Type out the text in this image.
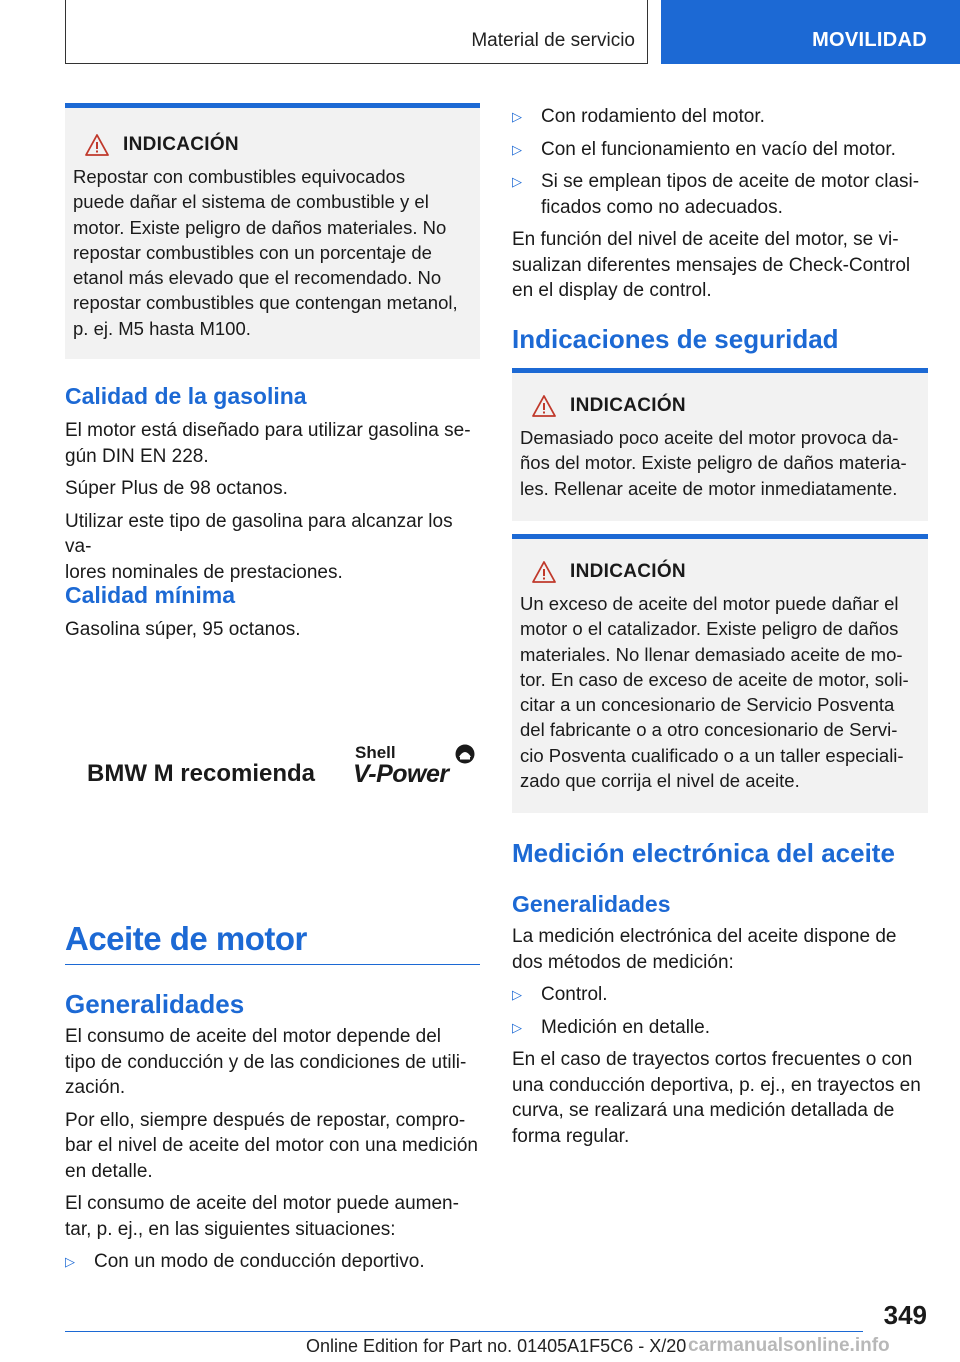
Material de servicio	MOVILIDAD
INDICACIÓN
Repostar con combustibles equivocados
puede dañar el sistema de combustible y el
motor. Existe peligro de daños materiales. No
repostar combustibles con un porcentaje de
etanol más elevado que el recomendado. No
repostar combustibles que contengan metanol,
p. ej. M5 hasta M100.
Calidad de la gasolina
El motor está diseñado para utilizar gasolina se-
gún DIN EN 228.
Súper Plus de 98 octanos.
Utilizar este tipo de gasolina para alcanzar los va-
lores nominales de prestaciones.
Calidad mínima
Gasolina súper, 95 octanos.
BMW M recomienda
Shell
V-Power
Aceite de motor
Generalidades
El consumo de aceite del motor depende del
tipo de conducción y de las condiciones de utili-
zación.
Por ello, siempre después de repostar, compro-
bar el nivel de aceite del motor con una medición
en detalle.
El consumo de aceite del motor puede aumen-
tar, p. ej., en las siguientes situaciones:
▷	Con un modo de conducción deportivo.
▷	Con rodamiento del motor.
▷	Con el funcionamiento en vacío del motor.
▷	Si se emplean tipos de aceite de motor clasi-
ficados como no adecuados.
En función del nivel de aceite del motor, se vi-
sualizan diferentes mensajes de Check-Control
en el display de control.
Indicaciones de seguridad
INDICACIÓN
Demasiado poco aceite del motor provoca da-
ños del motor. Existe peligro de daños materia-
les. Rellenar aceite de motor inmediatamente.
INDICACIÓN
Un exceso de aceite del motor puede dañar el
motor o el catalizador. Existe peligro de daños
materiales. No llenar demasiado aceite de mo-
tor. En caso de exceso de aceite de motor, soli-
citar a un concesionario de Servicio Posventa
del fabricante o a otro concesionario de Servi-
cio Posventa cualificado o a un taller especiali-
zado que corrija el nivel de aceite.
Medición electrónica del aceite
Generalidades
La medición electrónica del aceite dispone de
dos métodos de medición:
▷	Control.
▷	Medición en detalle.
En el caso de trayectos cortos frecuentes o con
una conducción deportiva, p. ej., en trayectos en
curva, se realizará una medición detallada de
forma regular.
349
Online Edition for Part no. 01405A1F5C6 - X/20 carmanualsonline.info
